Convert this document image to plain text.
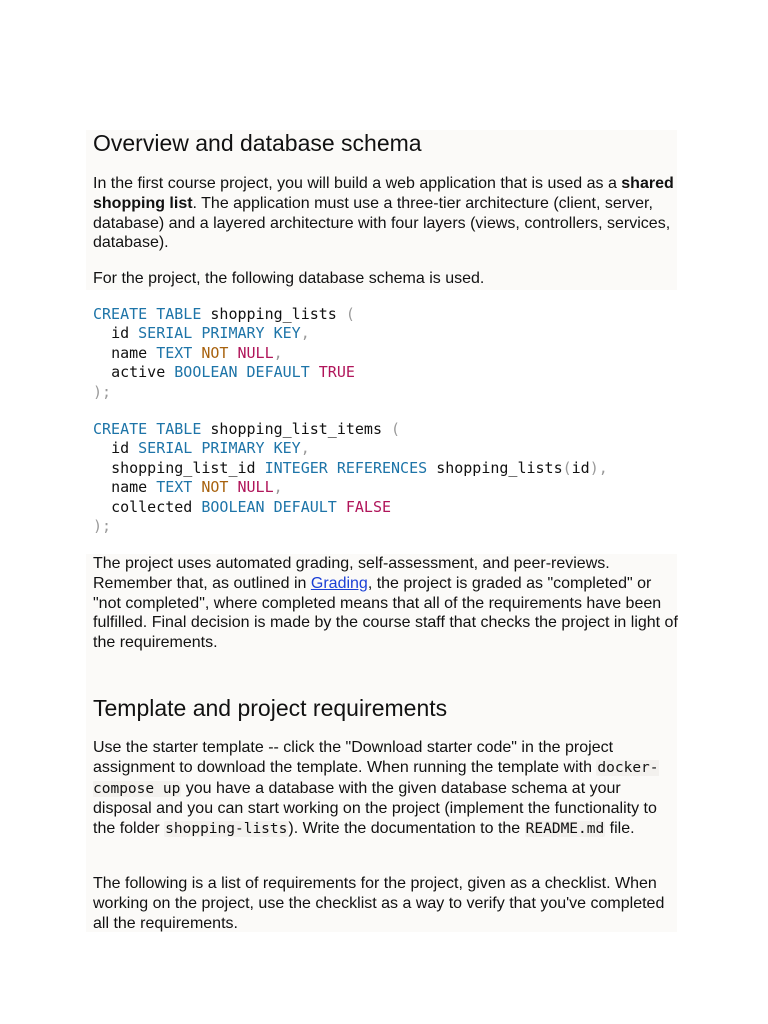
Overview and database schema

In the first course project, you will build a web application that is used as a shared shopping list. The application must use a three-tier architecture (client, server, database) and a layered architecture with four layers (views, controllers, services, database).

For the project, the following database schema is used.

CREATE TABLE shopping_lists (
id SERIAL PRIMARY KEY,
name TEXT NOT NULL,
active BOOLEAN DEFAULT TRUE
);
CREATE TABLE shopping_list_items (
id SERIAL PRIMARY KEY,
shopping_list_id INTEGER REFERENCES shopping_lists(id),
name TEXT NOT NULL,
collected BOOLEAN DEFAULT FALSE
);

The project uses automated grading, self-assessment, and peer-reviews. Remember that, as outlined in Grading, the project is graded as "completed" or "not completed", where completed means that all of the requirements have been fulfilled. Final decision is made by the course staff that checks the project in light of the requirements.

Template and project requirements

Use the starter template -- click the "Download starter code" in the project assignment to download the template. When running the template with docker-compose up you have a database with the given database schema at your disposal and you can start working on the project (implement the functionality to the folder shopping-lists). Write the documentation to the README.md file.

The following is a list of requirements for the project, given as a checklist. When working on the project, use the checklist as a way to verify that you've completed all the requirements.
